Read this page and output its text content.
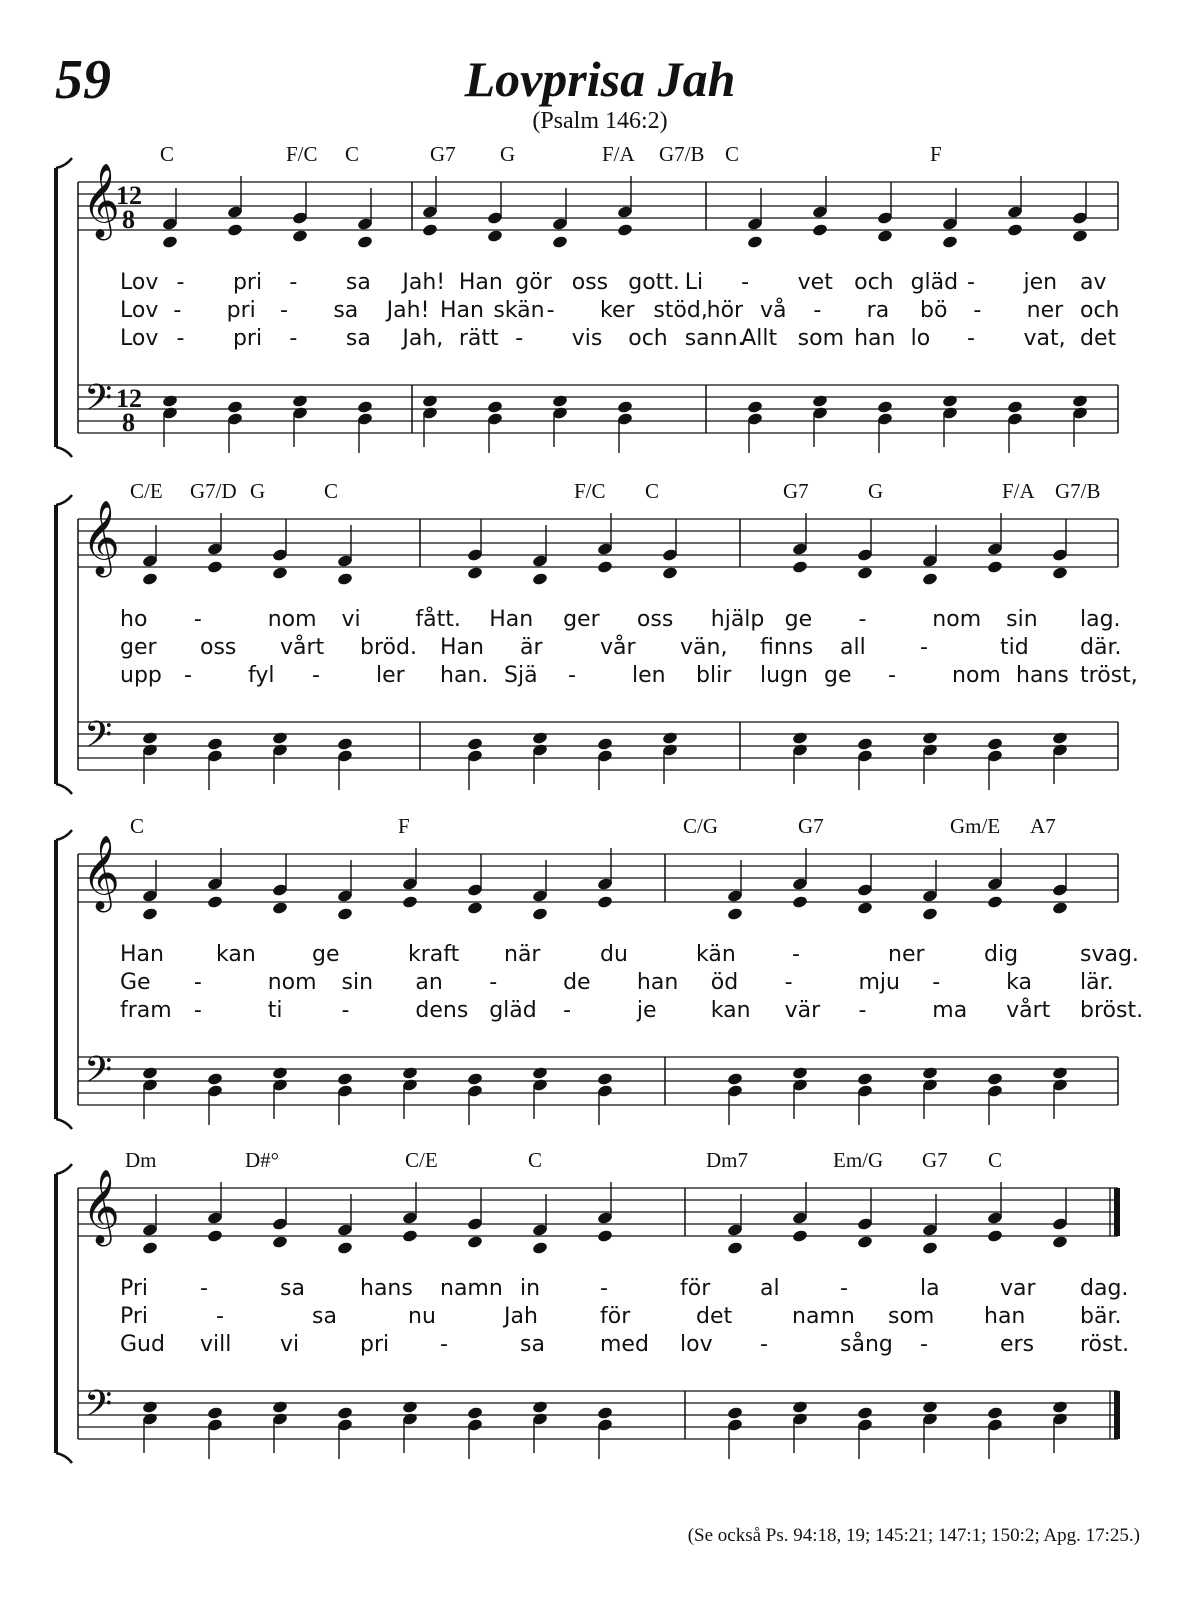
59	Lovprisa Jah
(Psalm 146:2)
𝄞
𝄢
12
8
12
8
C	F/C C	G7 G	F/A G7/B C	F
Lov - pri - sa Jah! Han gör oss gott. Li - vet och gläd - jen av
Lov - pri - sa Jah! Han skän - ker stöd,
hör vå - ra bö - ner och
Lov - pri - sa Jah, rätt - vis och sann.
Allt som han lo - vat, det
𝄞
𝄢
C/E G7/D G	C	F/C C	G7	G	F/A G7/B
ho -	nom vi fått. Han ger oss hjälp ge -	nom sin lag.
ger oss vårt bröd. Han är	vår vän, finns all -	tid där.
upp -	fyl -	ler han. Sjä -	len blir lugn ge -	nom hans tröst,
𝄞
𝄢
C	F	C/G	G7	Gm/E A7
Han kan	ge	kraft när	du	kän	-	ner	dig	svag.
Ge -	nom sin an -	de han öd -	mju -	ka lär.
fram -	ti	-	dens gläd -	je kan vär -	ma vårt bröst.
𝄞
𝄢
Dm	D#°	C/E	C	Dm7	Em/G G7 C
Pri -	sa	hans namn in	-	för al	-	la	var dag.
Pri	-	sa	nu	Jah	för	det	namn som han bär.
Gud vill vi	pri -	sa	med lov -	sång -	ers röst.
(Se också Ps. 94:18, 19; 145:21; 147:1; 150:2; Apg. 17:25.)
